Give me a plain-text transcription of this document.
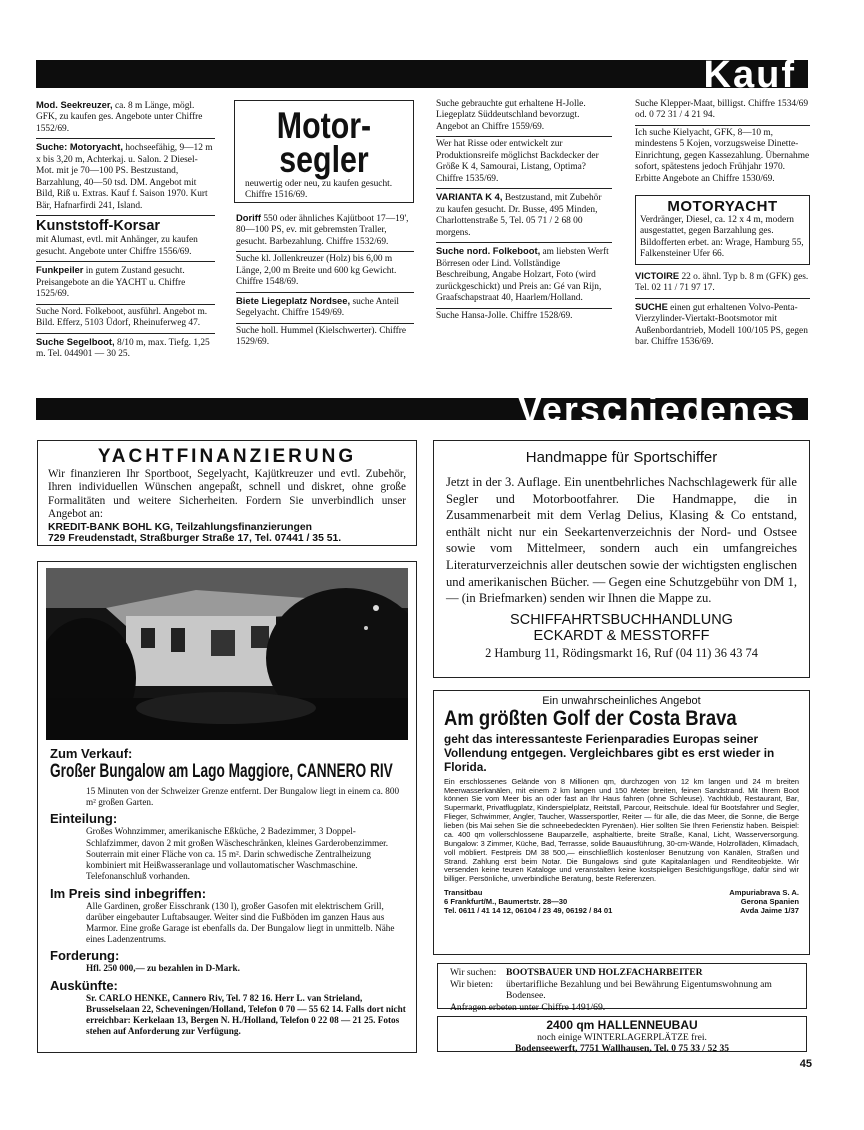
Kauf
Mod. Seekreuzer, ca. 8 m Länge, mögl. GFK, zu kaufen ges. Angebote unter Chiffre 1552/69.
Suche: Motoryacht, hochseefähig, 9—12 m x bis 3,20 m, Achterkaj. u. Salon. 2 Diesel-Mot. mit je 70—100 PS. Bestzustand, Barzahlung, 40—50 tsd. DM. Angebot mit Bild, Riß u. Extras. Kauf f. Saison 1970. Kurt Bär, Hafnarfirdi 241, Island.
Kunststoff-Korsar
mit Alumast, evtl. mit Anhänger, zu kaufen gesucht. Angebote unter Chiffre 1556/69.
Funkpeiler in gutem Zustand gesucht. Preisangebote an die YACHT u. Chiffre 1525/69.
Suche Nord. Folkeboot, ausführl. Angebot m. Bild. Efferz, 5103 Üdorf, Rheinuferweg 47.
Suche Segelboot, 8/10 m, max. Tiefg. 1,25 m. Tel. 044901 — 30 25.
Motor-
segler
neuwertig oder neu, zu kaufen gesucht. Chiffre 1516/69.
Doriff 550 oder ähnliches Kajütboot 17—19', 80—100 PS, ev. mit gebremsten Traller, gesucht. Barbezahlung. Chiffre 1532/69.
Suche kl. Jollenkreuzer (Holz) bis 6,00 m Länge, 2,00 m Breite und 600 kg Gewicht. Chiffre 1548/69.
Biete Liegeplatz Nordsee, suche Anteil Segelyacht. Chiffre 1549/69.
Suche holl. Hummel (Kielschwerter). Chiffre 1529/69.
Suche gebrauchte gut erhaltene H-Jolle. Liegeplatz Süddeutschland bevorzugt. Angebot an Chiffre 1559/69.
Wer hat Risse oder entwickelt zur Produktionsreife möglichst Backdecker der Größe K 4, Samourai, Listang, Optima? Chiffre 1535/69.
VARIANTA K 4, Bestzustand, mit Zubehör zu kaufen gesucht. Dr. Busse, 495 Minden, Charlottenstraße 5, Tel. 05 71 / 2 68 00 morgens.
Suche nord. Folkeboot, am liebsten Werft Börresen oder Lind. Vollständige Beschreibung, Angabe Holzart, Foto (wird zurückgeschickt) und Preis an: Gé van Rijn, Graafschapstraat 40, Haarlem/Holland.
Suche Hansa-Jolle. Chiffre 1528/69.
Suche Klepper-Maat, billigst. Chiffre 1534/69 od. 0 72 31 / 4 21 94.
Ich suche Kielyacht, GFK, 8—10 m, mindestens 5 Kojen, vorzugsweise Dinette-Einrichtung, gegen Kassezahlung. Übernahme sofort, spätestens jedoch Frühjahr 1970. Erbitte Angebote an Chiffre 1530/69.
MOTORYACHT
Verdränger, Diesel, ca. 12 x 4 m, modern ausgestattet, gegen Barzahlung ges. Bildofferten erbet. an: Wrage, Hamburg 55, Falkensteiner Ufer 66.
VICTOIRE 22 o. ähnl. Typ b. 8 m (GFK) ges. Tel. 02 11 / 71 97 17.
SUCHE einen gut erhaltenen Volvo-Penta-Vierzylinder-Viertakt-Bootsmotor mit Außenbordantrieb, Modell 100/105 PS, gegen bar. Chiffre 1536/69.
Verschiedenes
YACHTFINANZIERUNG
Wir finanzieren Ihr Sportboot, Segelyacht, Kajütkreuzer und evtl. Zubehör, Ihren individuellen Wünschen angepaßt, schnell und diskret, ohne große Formalitäten und weitere Sicherheiten. Fordern Sie unverbindlich unser Angebot an:
KREDIT-BANK BOHL KG, Teilzahlungsfinanzierungen
729 Freudenstadt, Straßburger Straße 17, Tel. 07441 / 35 51.
Zum Verkauf:
Großer Bungalow am Lago Maggiore, CANNERO RIV
15 Minuten von der Schweizer Grenze entfernt. Der Bungalow liegt in einem ca. 800 m² großen Garten.
Einteilung:
Großes Wohnzimmer, amerikanische Eßküche, 2 Badezimmer, 3 Doppel-Schlafzimmer, davon 2 mit großen Wäscheschränken, kleines Garderobenzimmer. Souterrain mit einer Fläche von ca. 15 m². Darin schwedische Zentralheizung kombiniert mit Heißwasseranlage und vollautomatischer Waschmaschine. Telefonanschluß vorhanden.
Im Preis sind inbegriffen:
Alle Gardinen, großer Eisschrank (130 l), großer Gasofen mit elektrischem Grill, darüber eingebauter Luftabsauger. Weiter sind die Fußböden im ganzen Haus aus Marmor. Eine große Garage ist ebenfalls da. Der Bungalow liegt in unmittelb. Nähe eines Ladenzentrums.
Forderung:
Hfl. 250 000,— zu bezahlen in D-Mark.
Auskünfte:
Sr. CARLO HENKE, Cannero Riv, Tel. 7 82 16. Herr L. van Strieland, Brusselselaan 22, Scheveningen/Holland, Telefon 0 70 — 55 62 14. Falls dort nicht erreichbar: Kerkelaan 13, Bergen N. H./Holland, Telefon 0 22 08 — 21 25. Fotos stehen auf Anforderung zur Verfügung.
Handmappe für Sportschiffer
Jetzt in der 3. Auflage. Ein unentbehrliches Nachschlagewerk für alle Segler und Motorbootfahrer. Die Handmappe, die in Zusammenarbeit mit dem Verlag Delius, Klasing & Co entstand, enthält nicht nur ein Seekartenverzeichnis der Nord- und Ostsee sowie vom Mittelmeer, sondern auch ein umfangreiches Literaturverzeichnis aller deutschen sowie der wichtigsten englischen und amerikanischen Bücher. — Gegen eine Schutzgebühr von DM 1,— (in Briefmarken) senden wir Ihnen die Mappe zu.
SCHIFFAHRTSBUCHHANDLUNG
ECKARDT & MESSTORFF
2 Hamburg 11, Rödingsmarkt 16, Ruf (04 11) 36 43 74
Ein unwahrscheinliches Angebot
Am größten Golf der Costa Brava
geht das interessanteste Ferienparadies Europas seiner Vollendung entgegen. Vergleichbares gibt es erst wieder in Florida.
Ein erschlossenes Gelände von 8 Millionen qm, durchzogen von 12 km langen und 24 m breiten Meerwasserkanälen, mit einem 2 km langen und 150 Meter breiten, feinen Sandstrand. Mit Ihrem Boot können Sie vom Meer bis an oder fast an Ihr Haus fahren (ohne Schleuse). Yachtklub, Restaurant, Bar, Supermarkt, Privatflugplatz, Kinderspielplatz, Reitstall, Parcour, Reitschule. Ideal für Bootsfahrer und Segler, Flieger, Schwimmer, Angler, Taucher, Wassersportler, Reiter — für alle, die das Meer, die Sonne, die Berge lieben (bis Mai sehen Sie die schneebedeckten Pyrenäen). Hier sollten Sie Ihren Ferienstiz haben. Beispiel: ca. 400 qm vollerschlossene Bauparzelle, asphaltierte, breite Straße, Kanal, Licht, Wasserversorgung. Bungalow: 3 Zimmer, Küche, Bad, Terrasse, solide Bauausführung, 30-cm-Wände, Holzrolläden, Klimadach, voll möbliert. Festpreis DM 38 500,— einschließlich kostenloser Benutzung von Kanälen, Straßen und Strand. Zahlung erst beim Notar. Die Bungalows sind gute Kapitalanlagen und Renditeobjekte. Wir versenden keine teuren Kataloge und veranstalten keine kostspieligen Besichtigungsflüge, dafür sind wir billiger. Persönliche, unverbindliche Beratung, beste Referenzen.
Transitbau
6 Frankfurt/M., Baumertstr. 28—30
Tel. 0611 / 41 14 12, 06104 / 23 49, 06192 / 84 01
Ampuriabrava S. A.
Gerona Spanien
Avda Jaime 1/37
Wir suchen:	BOOTSBAUER UND HOLZFACHARBEITER
Wir bieten:	übertarifliche Bezahlung und bei Bewährung Eigentumswohnung am Bodensee.
Anfragen erbeten unter Chiffre 1491/69.
2400 qm HALLENNEUBAU
noch einige WINTERLAGERPLÄTZE frei.
Bodenseewerft, 7751 Wallhausen, Tel. 0 75 33 / 52 35
45
